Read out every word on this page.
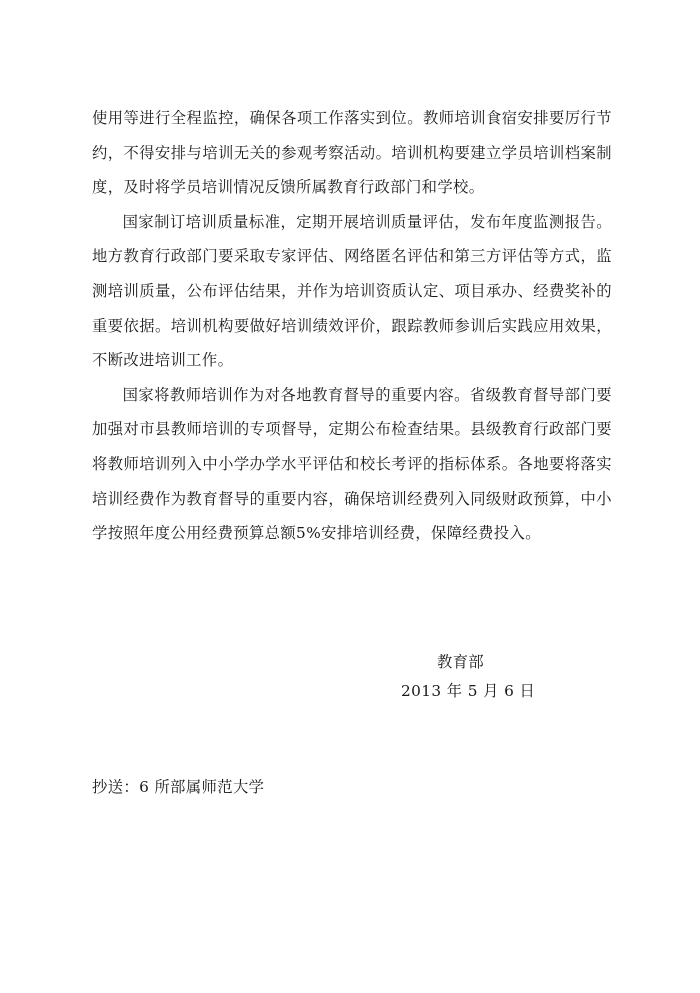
使用等进行全程监控，确保各项工作落实到位。教师培训食宿安排要厉行节约，不得安排与培训无关的参观考察活动。培训机构要建立学员培训档案制度，及时将学员培训情况反馈所属教育行政部门和学校。

国家制订培训质量标准，定期开展培训质量评估，发布年度监测报告。地方教育行政部门要采取专家评估、网络匿名评估和第三方评估等方式，监测培训质量，公布评估结果，并作为培训资质认定、项目承办、经费奖补的重要依据。培训机构要做好培训绩效评价，跟踪教师参训后实践应用效果，不断改进培训工作。

国家将教师培训作为对各地教育督导的重要内容。省级教育督导部门要加强对市县教师培训的专项督导，定期公布检查结果。县级教育行政部门要将教师培训列入中小学办学水平评估和校长考评的指标体系。各地要将落实培训经费作为教育督导的重要内容，确保培训经费列入同级财政预算，中小学按照年度公用经费预算总额5%安排培训经费，保障经费投入。

教育部
2013 年 5 月 6 日
抄送：6 所部属师范大学
